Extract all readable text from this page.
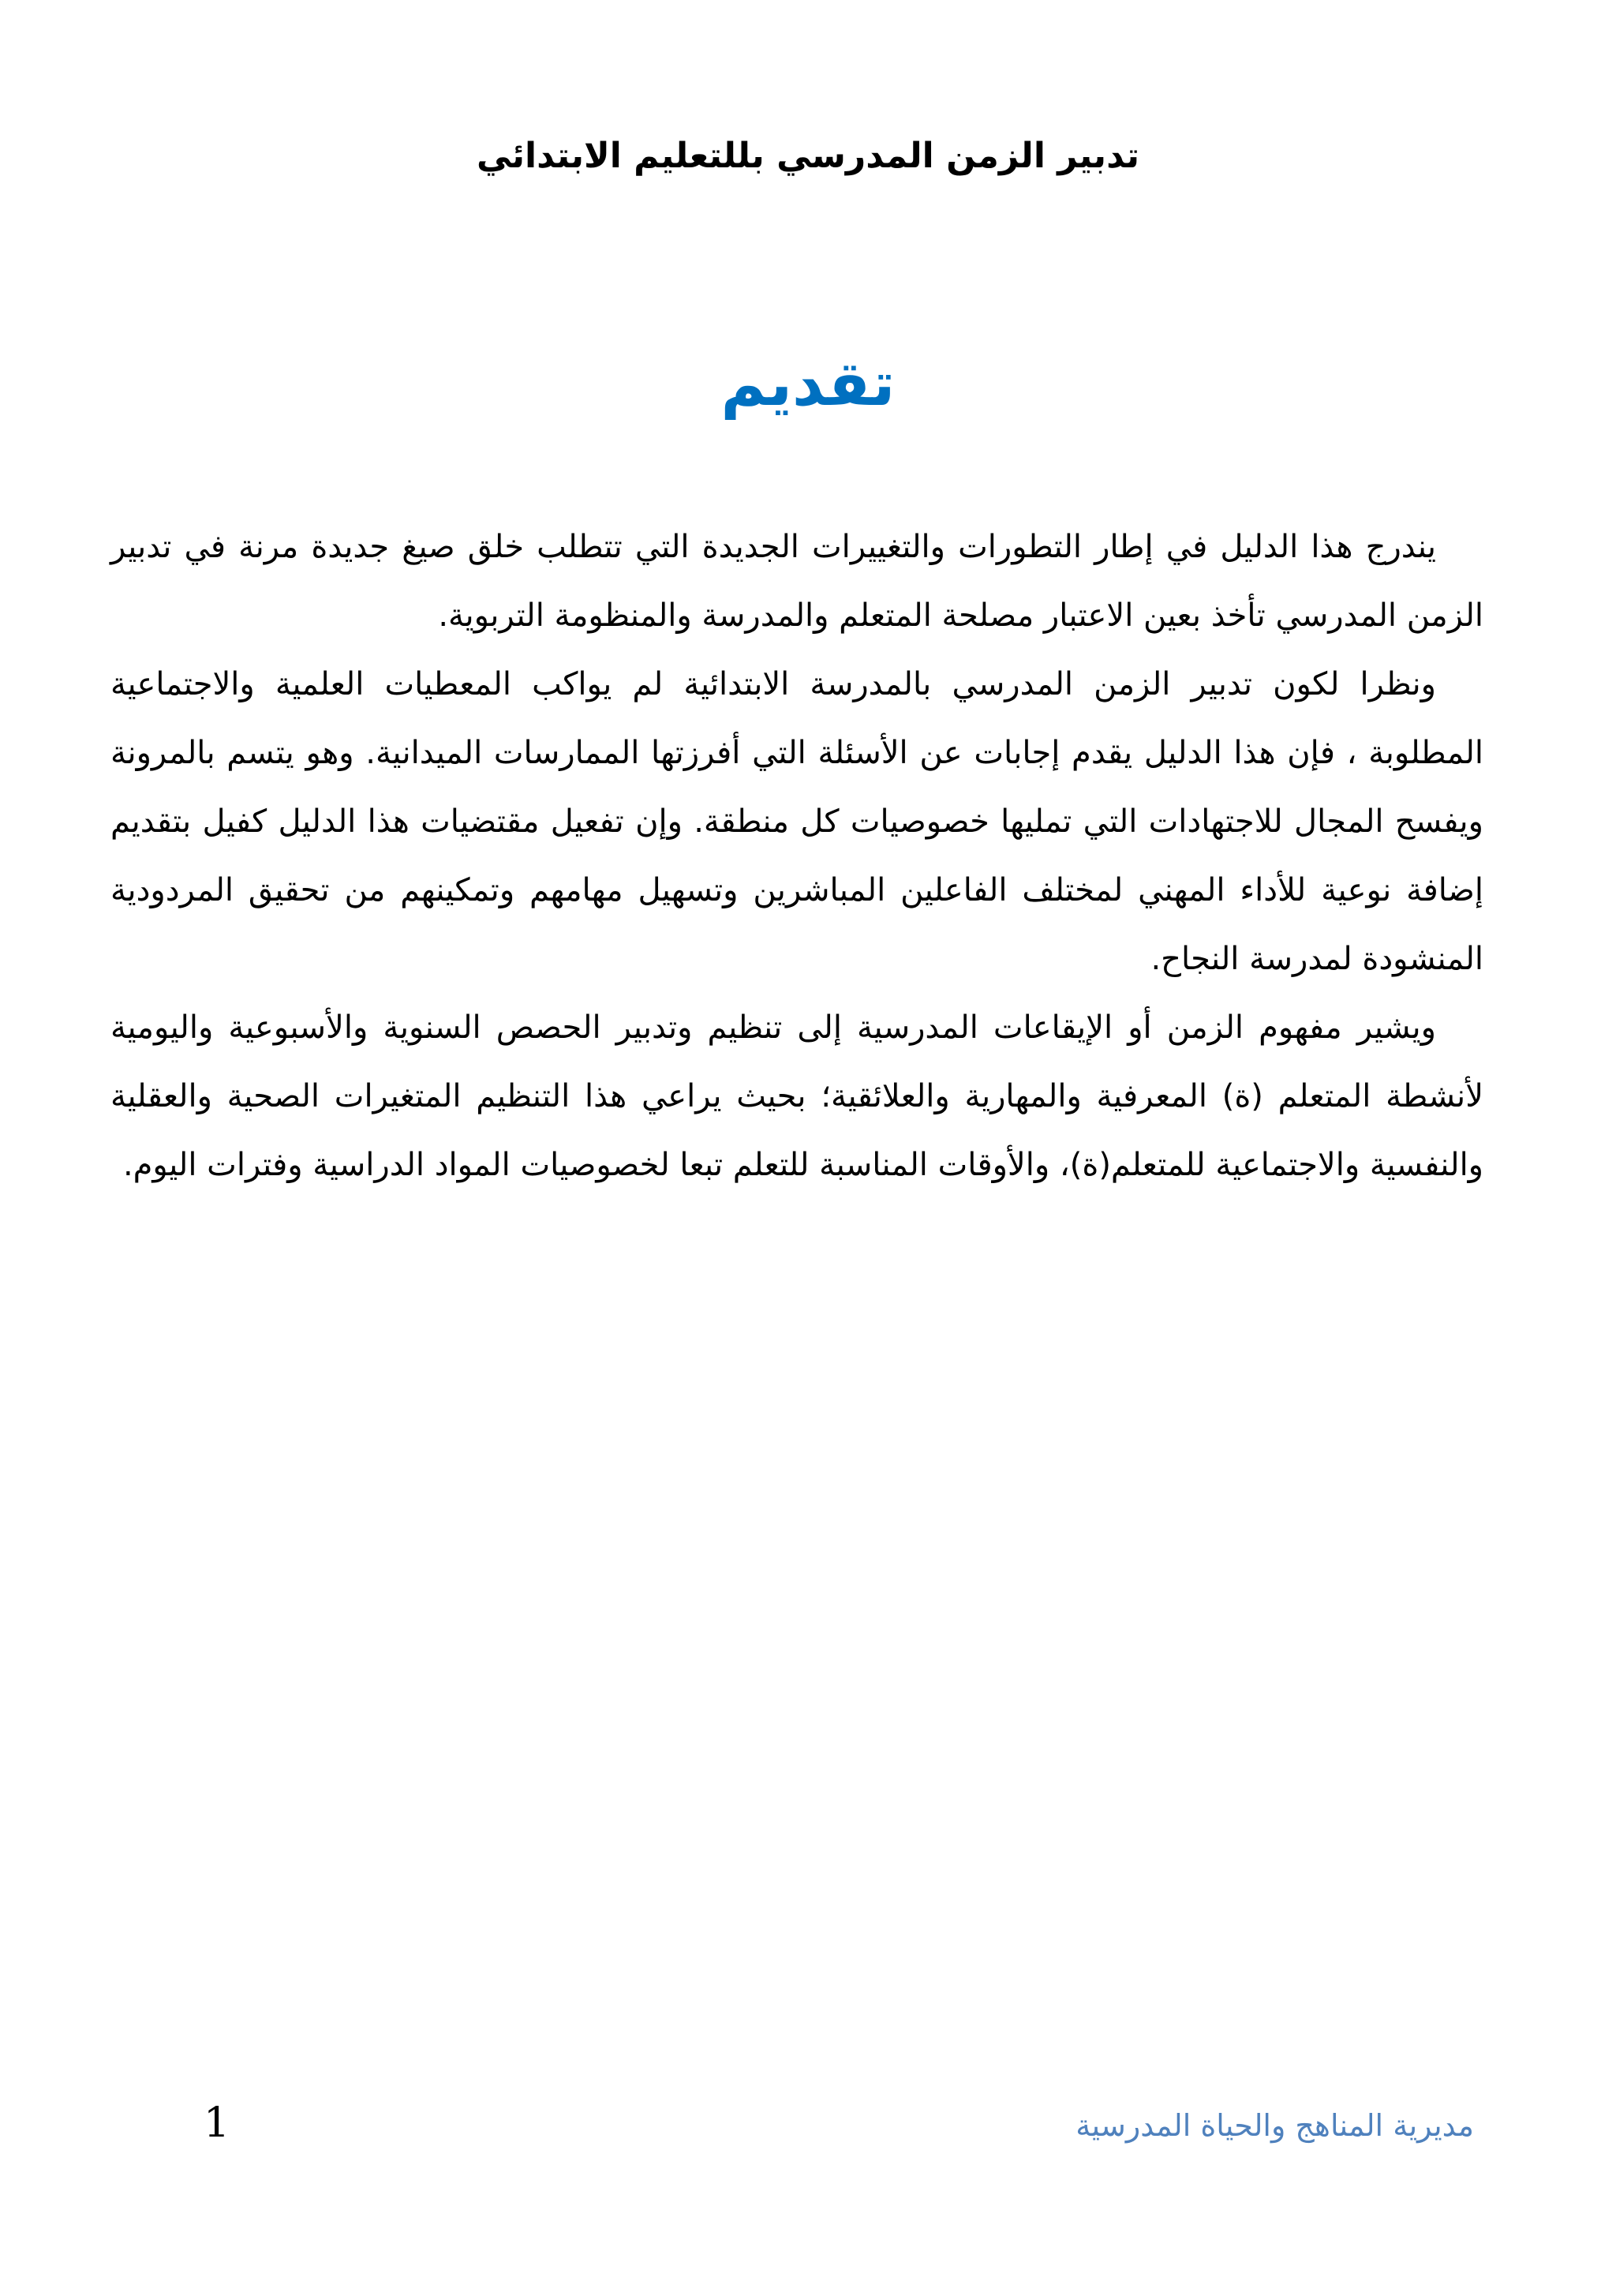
تدبير الزمن المدرسي بللتعليم الابتدائي
تقديم

يندرج هذا الدليل في إطار التطورات والتغييرات الجديدة التي تتطلب خلق صيغ جديدة مرنة في تدبير الزمن المدرسي تأخذ بعين الاعتبار مصلحة المتعلم والمدرسة والمنظومة التربوية.

ونظرا لكون تدبير الزمن المدرسي بالمدرسة الابتدائية لم يواكب المعطيات العلمية والاجتماعية المطلوبة ، فإن هذا الدليل يقدم إجابات عن الأسئلة التي أفرزتها الممارسات الميدانية. وهو يتسم بالمرونة ويفسح المجال للاجتهادات التي تمليها خصوصيات كل منطقة. وإن تفعيل مقتضيات هذا الدليل كفيل بتقديم إضافة نوعية للأداء المهني لمختلف الفاعلين المباشرين وتسهيل مهامهم وتمكينهم من تحقيق المردودية المنشودة لمدرسة النجاح.

ويشير مفهوم الزمن أو الإيقاعات المدرسية إلى تنظيم وتدبير الحصص السنوية والأسبوعية واليومية لأنشطة المتعلم (ة) المعرفية والمهارية والعلائقية؛ بحيث يراعي هذا التنظيم المتغيرات الصحية والعقلية والنفسية والاجتماعية للمتعلم(ة)، والأوقات المناسبة للتعلم تبعا لخصوصيات المواد الدراسية وفترات اليوم.

مديرية المناهج والحياة المدرسية
1
